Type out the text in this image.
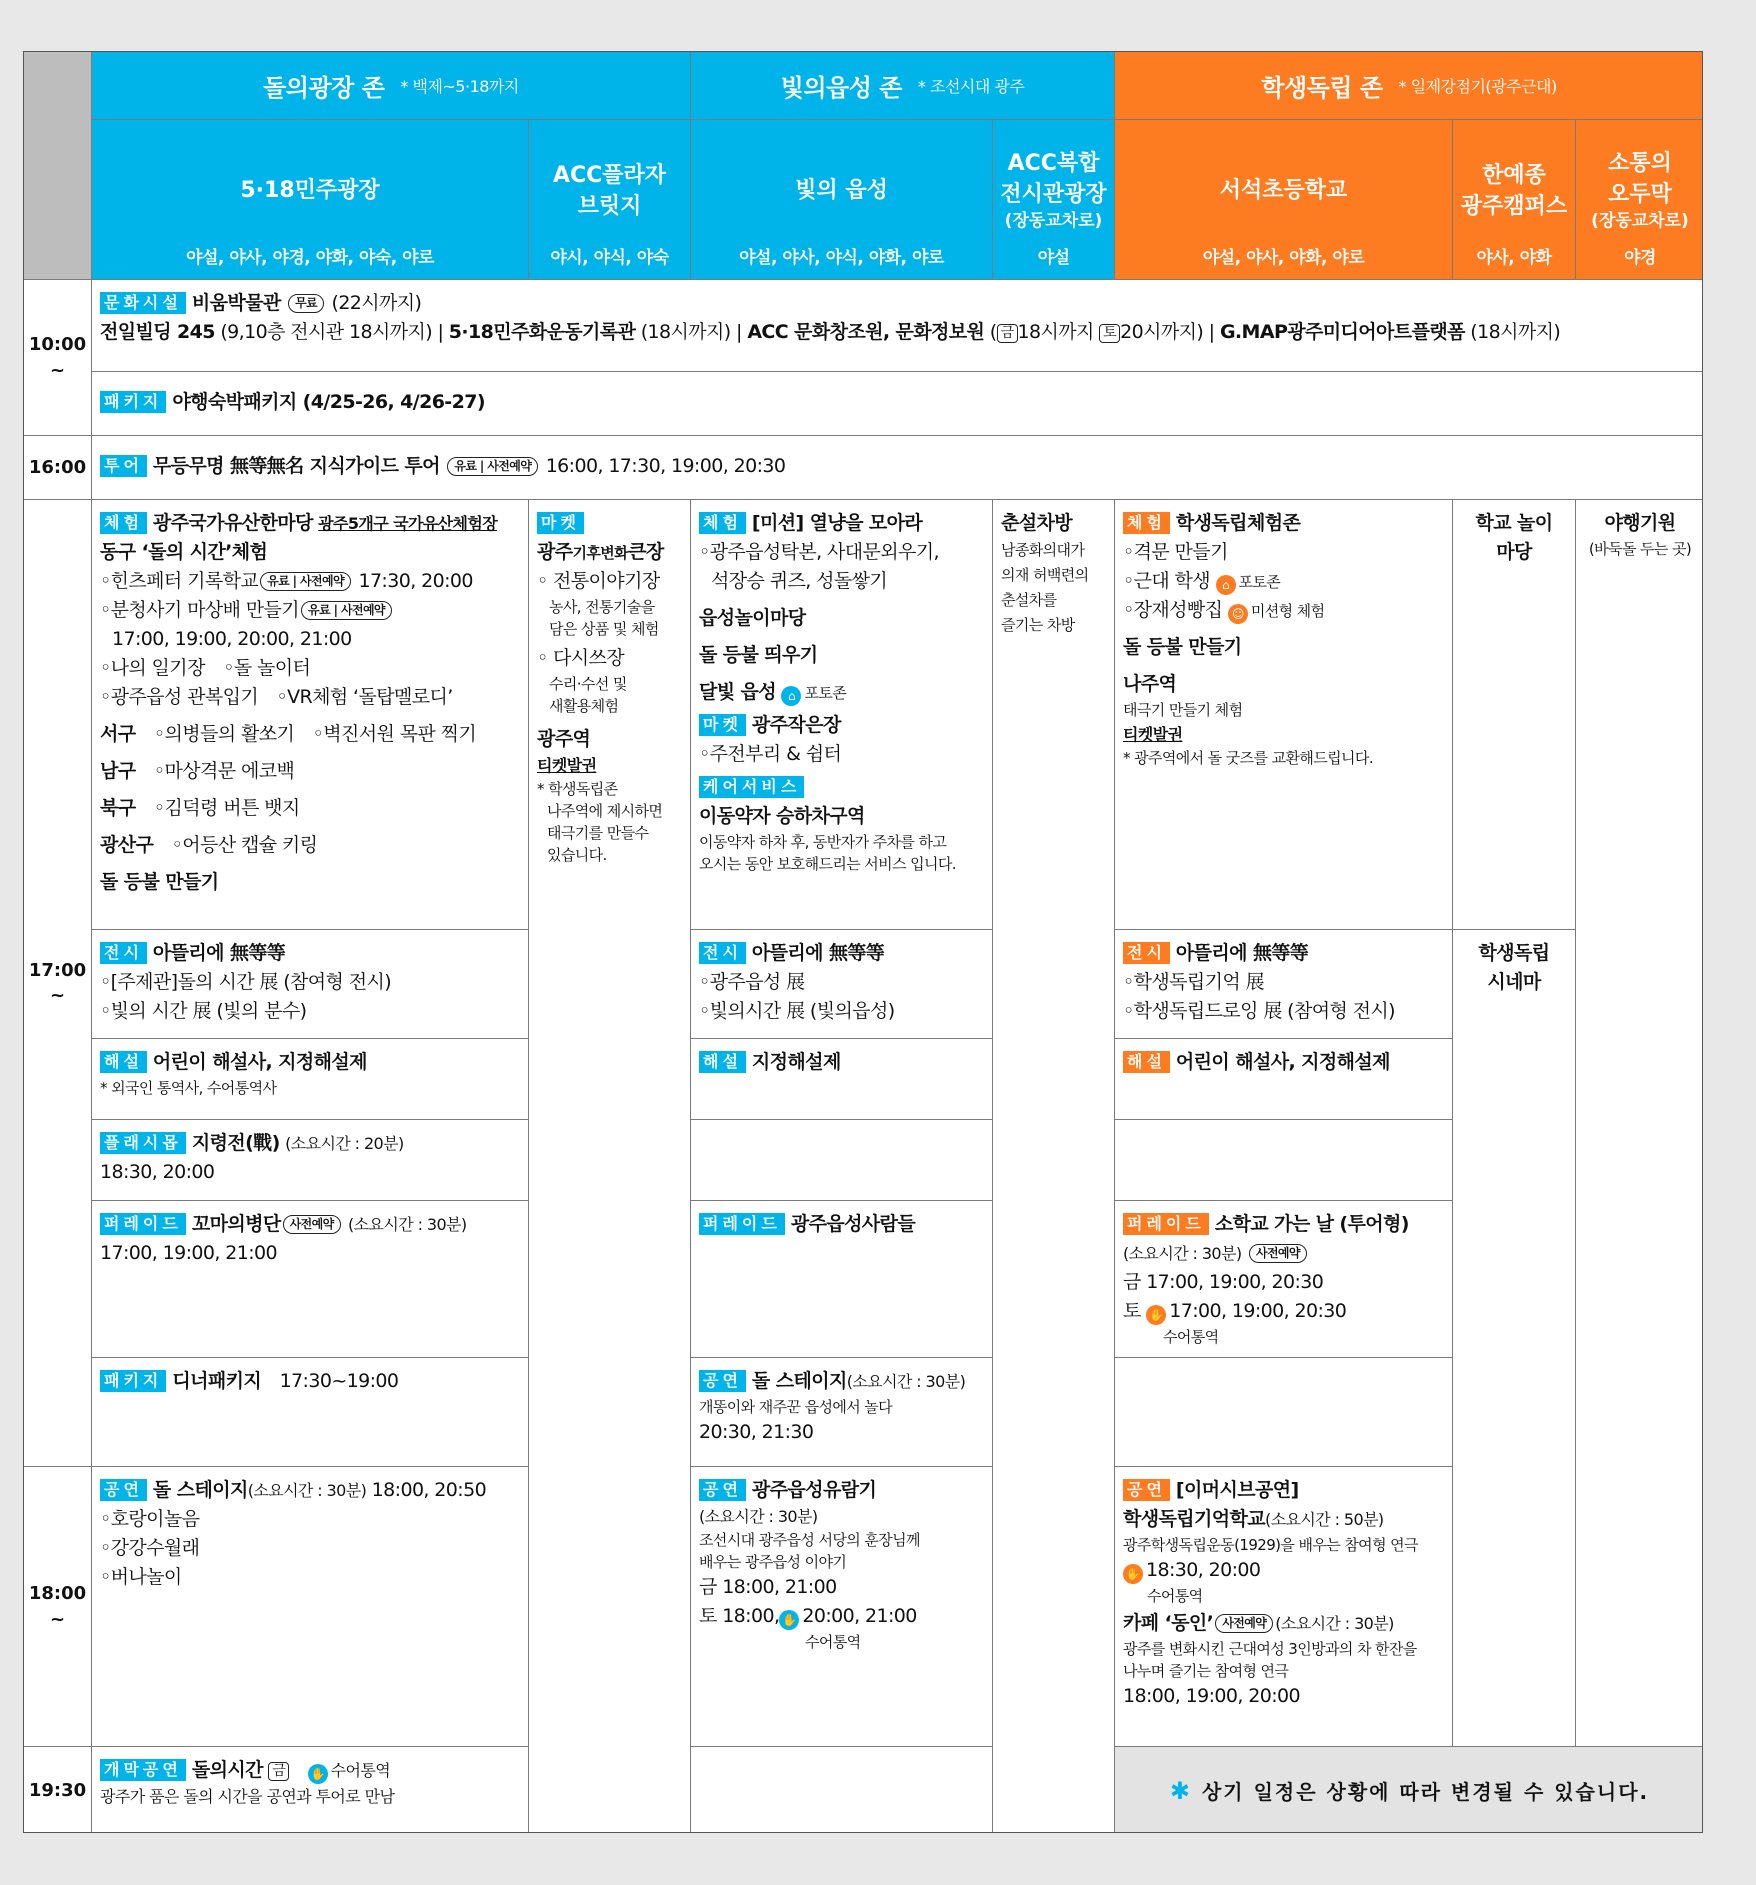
돌의광장 존 * 백제~5·18까지	빛의읍성 존 * 조선시대 광주	학생독립 존 * 일제강점기(광주근대)
5·18민주광장
야설, 야사, 야경, 야화, 야숙, 야로
ACC플라자
브릿지
야시, 야식, 야숙
빛의 읍성
야설, 야사, 야식, 야화, 야로
ACC복합
전시관광장
(장동교차로)
야설
서석초등학교
야설, 야사, 야화, 야로
한예종
광주캠퍼스
야사, 야화
소통의
오두막
(장동교차로)
야경
10:00
~
16:00
17:00
~
18:00
~
19:30
문화시설 비움박물관 무료 (22시까지)
전일빌딩 245 (9,10층 전시관 18시까지) | 5·18민주화운동기록관 (18시까지) | ACC 문화창조원, 문화정보원 ( 금 18시까지 토 20시까지) | G.MAP광주미디어아트플랫폼 (18시까지)
패키지 야행숙박패키지 (4/25-26, 4/26-27)
투어 무등무명 無等無名 지식가이드 투어 유료 | 사전예약 16:00, 17:30, 19:00, 20:30
체험 광주국가유산한마당 광주5개구 국가유산체험장
동구 ‘돌의 시간’체험
◦힌츠페터 기록학교 유료 | 사전예약 17:30, 20:00
◦분청사기 마상배 만들기 유료 | 사전예약
17:00, 19:00, 20:00, 21:00
◦나의 일기장　◦돌 놀이터
◦광주읍성 관복입기　◦VR체험 ‘돌탑멜로디’
서구　 ◦의병들의 활쏘기　◦벽진서원 목판 찍기
남구　 ◦마상격문 에코백
북구　 ◦김덕령 버튼 뱃지
광산구　 ◦어등산 캡슐 키링
돌 등불 만들기
전시 아뜰리에 無等等
◦[주제관]돌의 시간 展 (참여형 전시)
◦빛의 시간 展 (빛의 분수)
해설 어린이 해설사, 지정해설제
* 외국인 통역사, 수어통역사
플래시몹 지령전(戰) (소요시간 : 20분)
18:30, 20:00
퍼레이드 꼬마의병단 사전예약 (소요시간 : 30분)
17:00, 19:00, 21:00
패키지 디너패키지　 17:30~19:00
공연 돌 스테이지(소요시간 : 30분) 18:00, 20:50
◦호랑이놀음
◦강강수월래
◦버나놀이
개막공연 돌의시간 금　 ✋ 수어통역
광주가 품은 돌의 시간을 공연과 투어로 만남
마켓
광주기후변화큰장
◦ 전통이야기장
농사, 전통기술을
담은 상품 및 체험
◦ 다시쓰장
수리·수선 및
새활용체험
광주역
티켓발권
* 학생독립존
나주역에 제시하면
태극기를 만들수
있습니다.
체험 [미션] 열냥을 모아라
◦광주읍성탁본, 사대문외우기,
석장승 퀴즈, 성돌쌓기
읍성놀이마당
돌 등불 띄우기
달빛 읍성 ⌂ 포토존
마켓 광주작은장
◦주전부리 & 쉼터
케어서비스
이동약자 승하차구역
이동약자 하차 후, 동반자가 주차를 하고
오시는 동안 보호해드리는 서비스 입니다.
전시 아뜰리에 無等等
◦광주읍성 展
◦빛의시간 展 (빛의읍성)
해설 지정해설제
퍼레이드 광주읍성사람들
공연 돌 스테이지(소요시간 : 30분)
개똥이와 재주꾼 읍성에서 놀다
20:30, 21:30
공연 광주읍성유람기
(소요시간 : 30분)
조선시대 광주읍성 서당의 훈장님께
배우는 광주읍성 이야기
금 18:00, 21:00
토 18:00, ✋ 20:00, 21:00
수어통역
춘설차방
남종화의대가
의재 허백련의
춘설차를
즐기는 차방
체험 학생독립체험존
◦격문 만들기
◦근대 학생 ⌂ 포토존
◦장재성빵집 ☺ 미션형 체험
돌 등불 만들기
나주역
태극기 만들기 체험
티켓발권
* 광주역에서 돌 굿즈를 교환해드립니다.
전시 아뜰리에 無等等
◦학생독립기억 展
◦학생독립드로잉 展 (참여형 전시)
해설 어린이 해설사, 지정해설제
퍼레이드 소학교 가는 날 (투어형)
(소요시간 : 30분) 사전예약
금 17:00, 19:00, 20:30
토 ✋ 17:00, 19:00, 20:30
수어통역
공연 [이머시브공연]
학생독립기억학교(소요시간 : 50분)
광주학생독립운동(1929)을 배우는 참여형 연극
✋ 18:30, 20:00
수어통역
카페 ‘동인’ 사전예약 (소요시간 : 30분)
광주를 변화시킨 근대여성 3인방과의 차 한잔을
나누며 즐기는 참여형 연극
18:00, 19:00, 20:00
학교 놀이
마당
학생독립
시네마
야행기원
(바둑돌 두는 곳)
✱ 상기 일정은 상황에 따라 변경될 수 있습니다.
